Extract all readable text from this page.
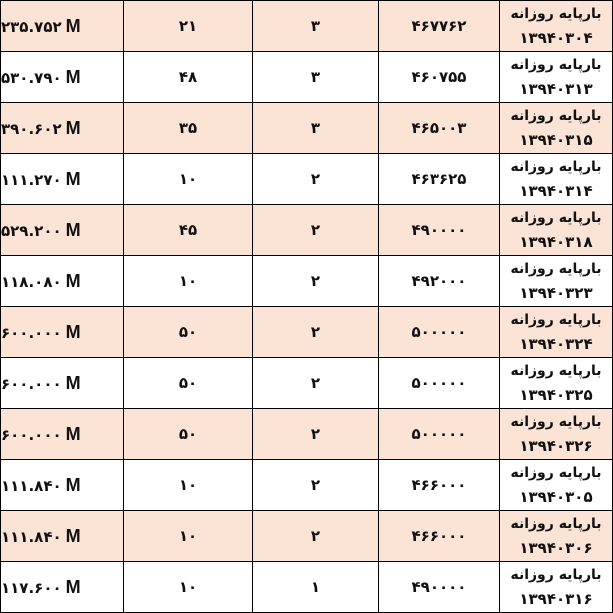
بارپایه روزانه
۱۳۹۴۰۳۰۴	۴۶۷۷۶۲	۳	۲۱	۲۳۵.۷۵۲ M

بارپایه روزانه
۱۳۹۴۰۳۱۳	۴۶۰۷۵۵	۳	۴۸	۵۳۰.۷۹۰ M

بارپایه روزانه
۱۳۹۴۰۳۱۵	۴۶۵۰۰۳	۳	۳۵	۳۹۰.۶۰۲ M

بارپایه روزانه
۱۳۹۴۰۳۱۴	۴۶۳۶۲۵	۲	۱۰	۱۱۱.۲۷۰ M

بارپایه روزانه
۱۳۹۴۰۳۱۸	۴۹۰۰۰۰	۲	۴۵	۵۲۹.۲۰۰ M

بارپایه روزانه
۱۳۹۴۰۳۲۳	۴۹۲۰۰۰	۲	۱۰	۱۱۸.۰۸۰ M

بارپایه روزانه
۱۳۹۴۰۳۲۴	۵۰۰۰۰۰	۲	۵۰	۶۰۰.۰۰۰ M

بارپایه روزانه
۱۳۹۴۰۳۲۵	۵۰۰۰۰۰	۲	۵۰	۶۰۰.۰۰۰ M

بارپایه روزانه
۱۳۹۴۰۳۲۶	۵۰۰۰۰۰	۲	۵۰	۶۰۰.۰۰۰ M

بارپایه روزانه
۱۳۹۴۰۳۰۵	۴۶۶۰۰۰	۲	۱۰	۱۱۱.۸۴۰ M

بارپایه روزانه
۱۳۹۴۰۳۰۶	۴۶۶۰۰۰	۲	۱۰	۱۱۱.۸۴۰ M

بارپایه روزانه
۱۳۹۴۰۳۱۶	۴۹۰۰۰۰	۱	۱۰	۱۱۷.۶۰۰ M
